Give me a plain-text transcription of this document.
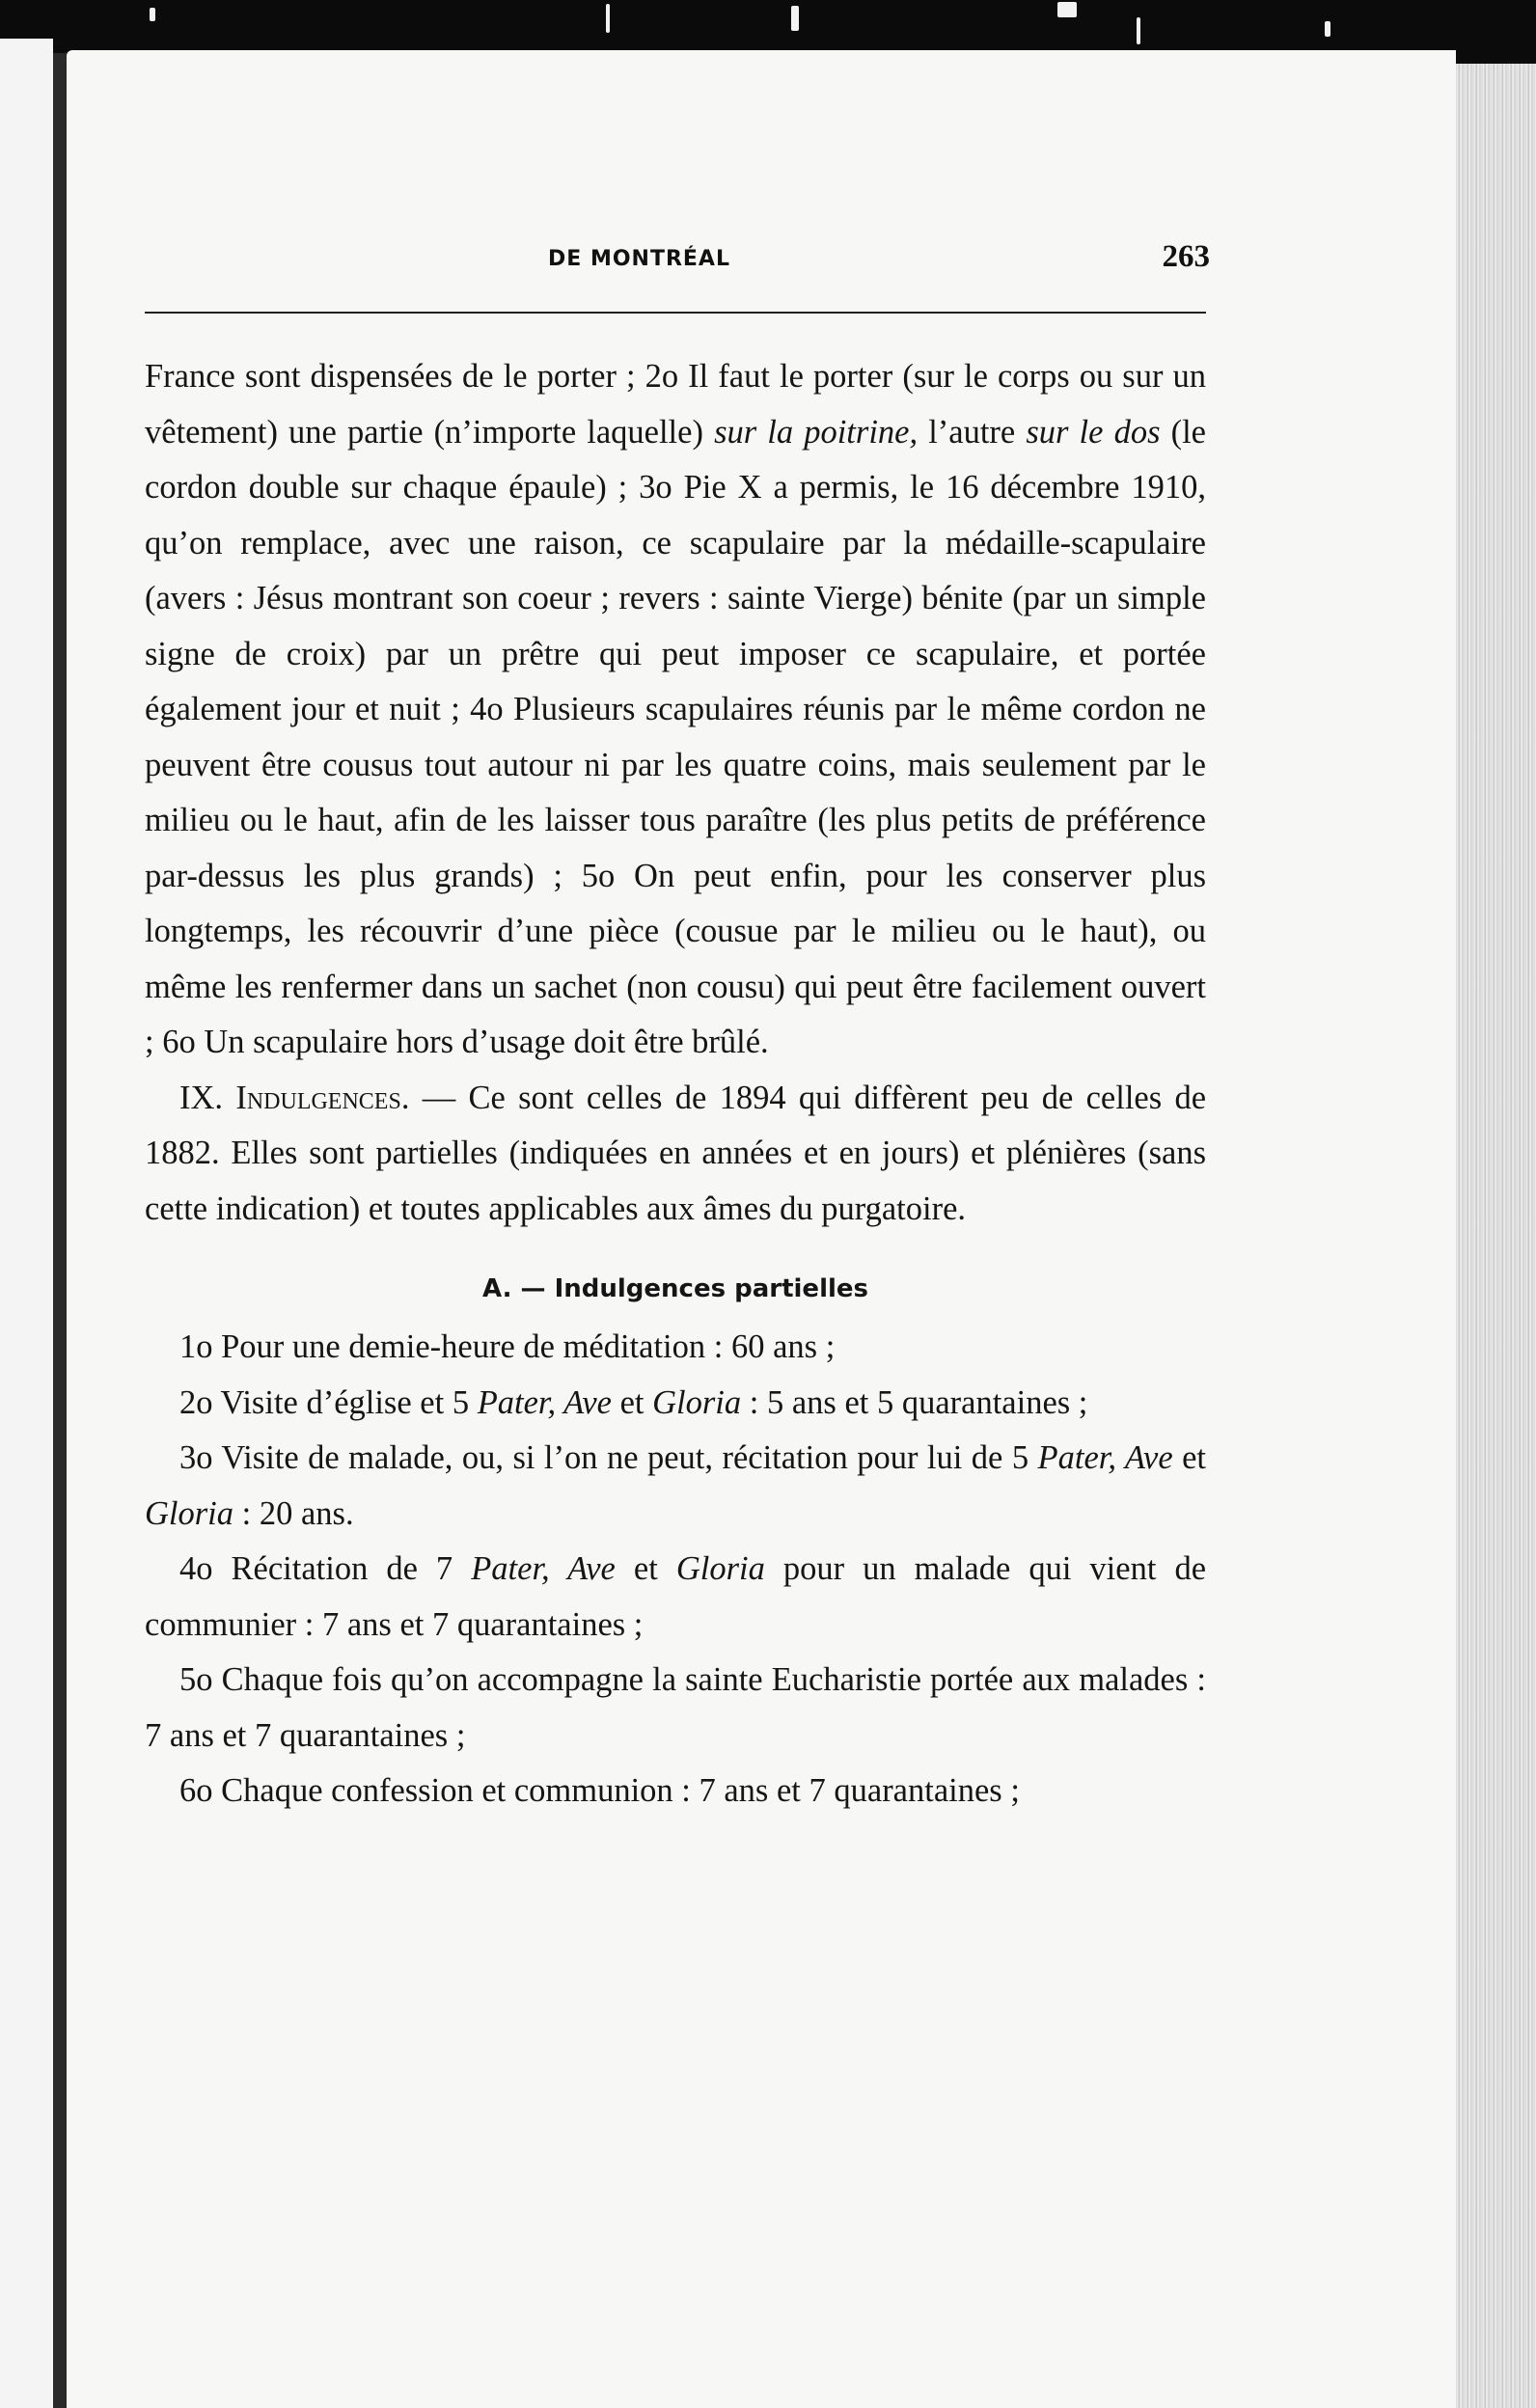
DE MONTRÉAL	263

France sont dispensées de le porter ; 2o Il faut le porter (sur le corps ou sur un vêtement) une partie (n’importe laquelle) sur la poitrine, l’autre sur le dos (le cordon double sur chaque épaule) ; 3o Pie X a permis, le 16 décembre 1910, qu’on remplace, avec une raison, ce scapulaire par la médaille-scapulaire (avers : Jésus montrant son coeur ; revers : sainte Vierge) bénite (par un simple signe de croix) par un prêtre qui peut imposer ce scapulaire, et portée également jour et nuit ; 4o Plusieurs scapulaires réunis par le même cordon ne peuvent être cousus tout autour ni par les quatre coins, mais seulement par le milieu ou le haut, afin de les laisser tous paraître (les plus petits de préférence par-dessus les plus grands) ; 5o On peut enfin, pour les conserver plus longtemps, les récouvrir d’une pièce (cousue par le milieu ou le haut), ou même les renfermer dans un sachet (non cousu) qui peut être facilement ouvert ; 6o Un scapulaire hors d’usage doit être brûlé.

IX. Indulgences. — Ce sont celles de 1894 qui diffèrent peu de celles de 1882. Elles sont partielles (indiquées en années et en jours) et plénières (sans cette indication) et toutes applicables aux âmes du purgatoire.

A. — Indulgences partielles

1o Pour une demie-heure de méditation : 60 ans ;

2o Visite d’église et 5 Pater, Ave et Gloria : 5 ans et 5 quarantaines ;

3o Visite de malade, ou, si l’on ne peut, récitation pour lui de 5 Pater, Ave et Gloria : 20 ans.

4o Récitation de 7 Pater, Ave et Gloria pour un malade qui vient de communier : 7 ans et 7 quarantaines ;

5o Chaque fois qu’on accompagne la sainte Eucharistie portée aux malades : 7 ans et 7 quarantaines ;

6o Chaque confession et communion : 7 ans et 7 quarantaines ;
